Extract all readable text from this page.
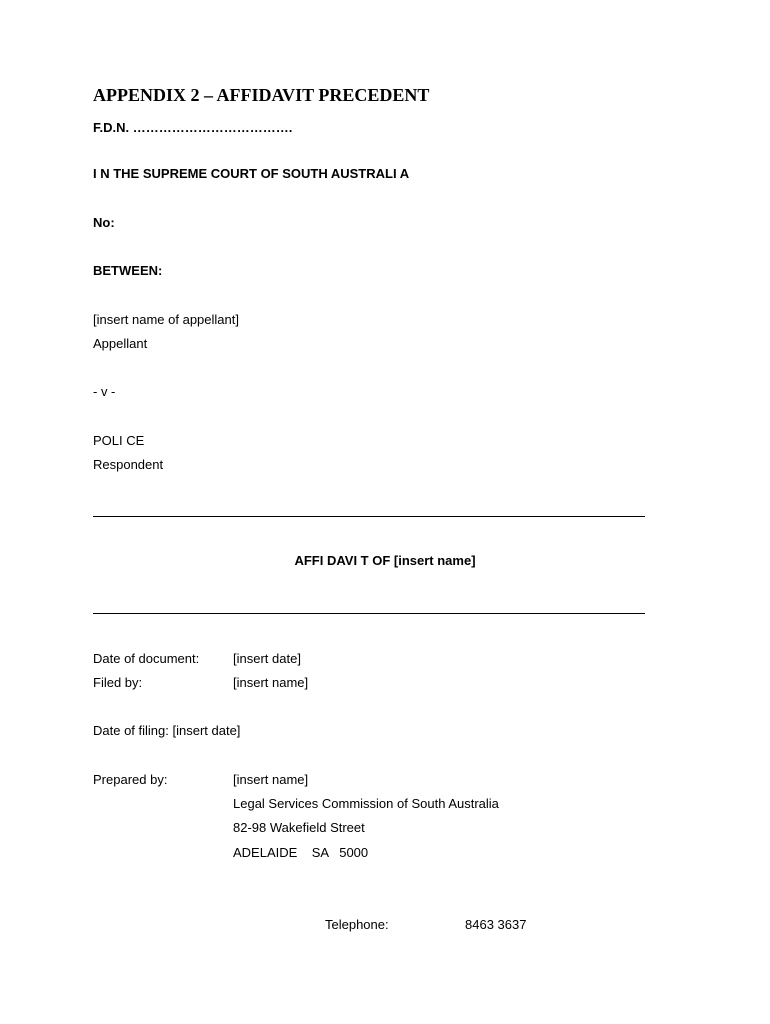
APPENDIX 2 – AFFIDAVIT PRECEDENT
F.D.N. ……………………………….
I N THE SUPREME COURT OF SOUTH AUSTRALI A
No:
BETWEEN:
[insert name of appellant]
Appellant
- v -
POLI CE
Respondent
AFFI DAVI T OF [insert name]
Date of document:	[insert date]
Filed by:	[insert name]
Date of filing: [insert date]
Prepared by:	[insert name]
Legal Services Commission of South Australia
82-98 Wakefield Street
ADELAIDE    SA   5000
Telephone:	8463 3637
